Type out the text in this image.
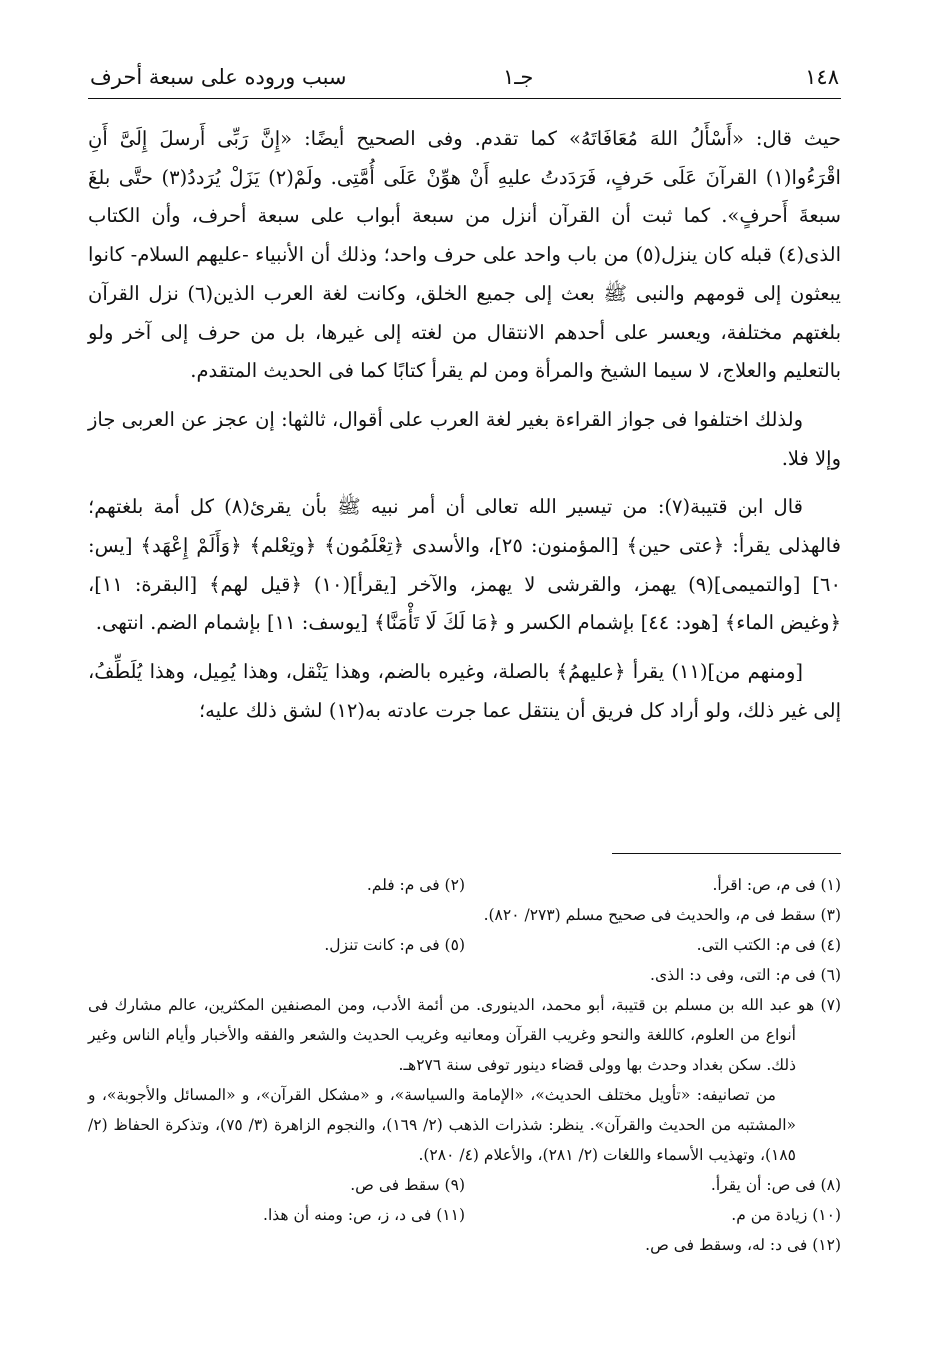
١٤٨
جـ١
سبب وروده على سبعة أحرف

حيث قال: «أَسْأَلُ اللهَ مُعَافَاتَهُ» كما تقدم. وفى الصحيح أيضًا: «إِنَّ رَبِّى أَرسلَ إِلَىَّ أَنِ اقْرَءُوا(١) القرآنَ عَلَى حَرفٍ، فَرَدَدتُ عليهِ أَنْ هوِّنْ عَلَى أُمَّتِى. ولَمْ(٢) يَزَلْ يُرَددُ(٣) حتَّى بلغَ سبعةَ أَحرفٍ». كما ثبت أن القرآن أنزل من سبعة أبواب على سبعة أحرف، وأن الكتاب الذى(٤) قبله كان ينزل(٥) من باب واحد على حرف واحد؛ وذلك أن الأنبياء -عليهم السلام- كانوا يبعثون إلى قومهم والنبى ﷺ بعث إلى جميع الخلق، وكانت لغة العرب الذين(٦) نزل القرآن بلغتهم مختلفة، ويعسر على أحدهم الانتقال من لغته إلى غيرها، بل من حرف إلى آخر ولو بالتعليم والعلاج، لا سيما الشيخ والمرأة ومن لم يقرأ كتابًا كما فى الحديث المتقدم.

ولذلك اختلفوا فى جواز القراءة بغير لغة العرب على أقوال، ثالثها: إن عجز عن العربى جاز وإلا فلا.

قال ابن قتيبة(٧): من تيسير الله تعالى أن أمر نبيه ﷺ بأن يقرئ(٨) كل أمة بلغتهم؛ فالهذلى يقرأ: ﴿عتى حين﴾ [المؤمنون: ٢٥]، والأسدى ﴿تِعْلَمُون﴾ ﴿وتِعْلم﴾ ﴿وَأَلَمْ إِعْهَد﴾ [يس: ٦٠] [والتميمى](٩) يهمز، والقرشى لا يهمز، والآخر [يقرأ](١٠) ﴿قيل لهم﴾ [البقرة: ١١]، ﴿وغيض الماء﴾ [هود: ٤٤] بإشمام الكسر و ﴿مَا لَكَ لَا تَأْمَنَّا﴾ [يوسف: ١١] بإشمام الضم. انتهى.

[ومنهم من](١١) يقرأ ﴿عليهمُ﴾ بالصلة، وغيره بالضم، وهذا يَنْقل، وهذا يُمِيل، وهذا يُلَطِّفُ، إلى غير ذلك، ولو أراد كل فريق أن ينتقل عما جرت عادته به(١٢) لشق ذلك عليه؛

(١) فى م، ص: اقرأ.
(٢) فى م: فلم.
(٣) سقط فى م، والحديث فى صحيح مسلم (٢٧٣/ ٨٢٠).
(٤) فى م: الكتب التى.
(٥) فى م: كانت تنزل.
(٦) فى م: التى، وفى د: الذى.
(٧) هو عبد الله بن مسلم بن قتيبة، أبو محمد، الدينورى. من أئمة الأدب، ومن المصنفين المكثرين، عالم مشارك فى أنواع من العلوم، كاللغة والنحو وغريب القرآن ومعانيه وغريب الحديث والشعر والفقه والأخبار وأيام الناس وغير ذلك. سكن بغداد وحدث بها وولى قضاء دينور توفى سنة ٢٧٦هـ.
من تصانيفه: «تأويل مختلف الحديث»، «الإمامة والسياسة»، و «مشكل القرآن»، و «المسائل والأجوبة»، و «المشتبه من الحديث والقرآن». ينظر: شذرات الذهب (٢/ ١٦٩)، والنجوم الزاهرة (٣/ ٧٥)، وتذكرة الحفاظ (٢/ ١٨٥)، وتهذيب الأسماء واللغات (٢/ ٢٨١)، والأعلام (٤/ ٢٨٠).
(٨) فى ص: أن يقرأ.
(٩) سقط فى ص.
(١٠) زيادة من م.
(١١) فى د، ز، ص: ومنه أن هذا.
(١٢) فى د: له، وسقط فى ص.
